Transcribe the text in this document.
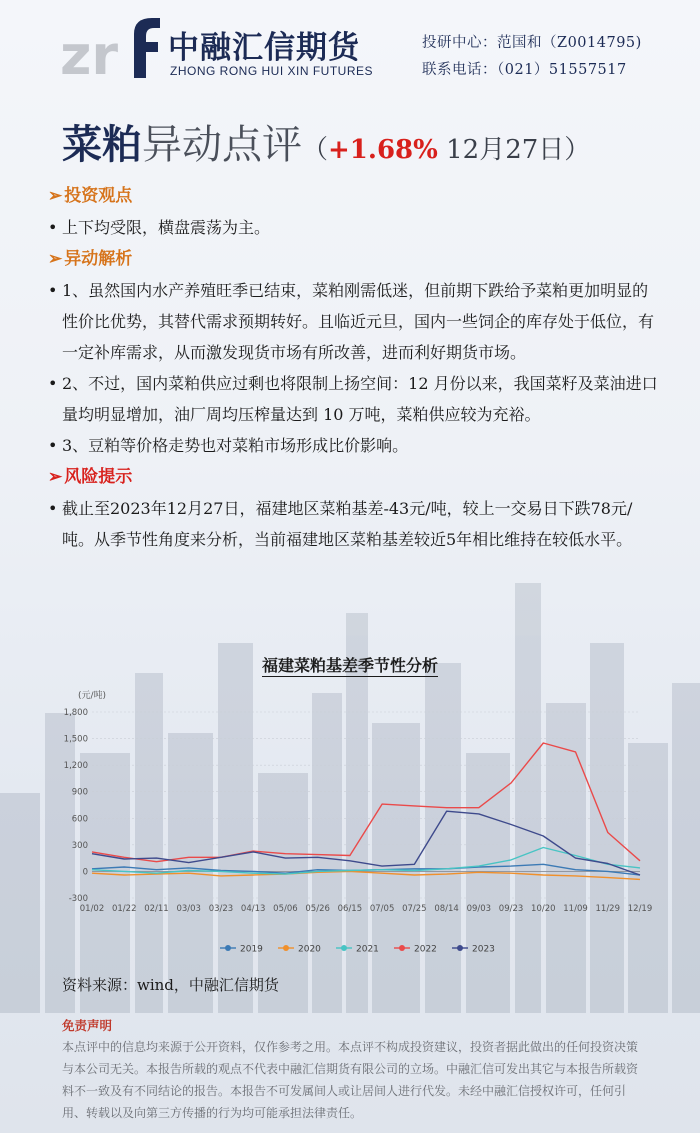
zr 中融汇信期货
ZHONG RONG HUI XIN FUTURES
投研中心：范国和（Z0014795)
联系电话：（021）51557517
菜粕异动点评（+1.68% 12月27日）
➢ 投资观点
• 上下均受限，横盘震荡为主。
➢ 异动解析
• 1、虽然国内水产养殖旺季已结束，菜粕刚需低迷，但前期下跌给予菜粕更加明显的性价比优势，其替代需求预期转好。且临近元旦，国内一些饲企的库存处于低位，有一定补库需求，从而激发现货市场有所改善，进而利好期货市场。
• 2、不过，国内菜粕供应过剩也将限制上扬空间：12 月份以来，我国菜籽及菜油进口量均明显增加，油厂周均压榨量达到 10 万吨，菜粕供应较为充裕。
• 3、豆粕等价格走势也对菜粕市场形成比价影响。
➢ 风险提示
• 截止至2023年12月27日，福建地区菜粕基差-43元/吨，较上一交易日下跌78元/吨。从季节性角度来分析，当前福建地区菜粕基差较近5年相比维持在较低水平。
福建菜粕基差季节性分析
(元/吨)
-300
0
300
600
900
1,200
1,500
1,800
01/02 01/22 02/11 03/03 03/23 04/13 05/06 05/26 06/15 07/05 07/25 08/14 09/03 09/23 10/20 11/09 11/29 12/19
2019	2020	2021	2022	2023
资料来源：wind，中融汇信期货
免责声明
本点评中的信息均来源于公开资料，仅作参考之用。本点评不构成投资建议，投资者据此做出的任何投资决策与本公司无关。本报告所载的观点不代表中融汇信期货有限公司的立场。中融汇信可发出其它与本报告所载资料不一致及有不同结论的报告。本报告不可发属间人或让居间人进行代发。未经中融汇信授权许可，任何引用、转载以及向第三方传播的行为均可能承担法律责任。
